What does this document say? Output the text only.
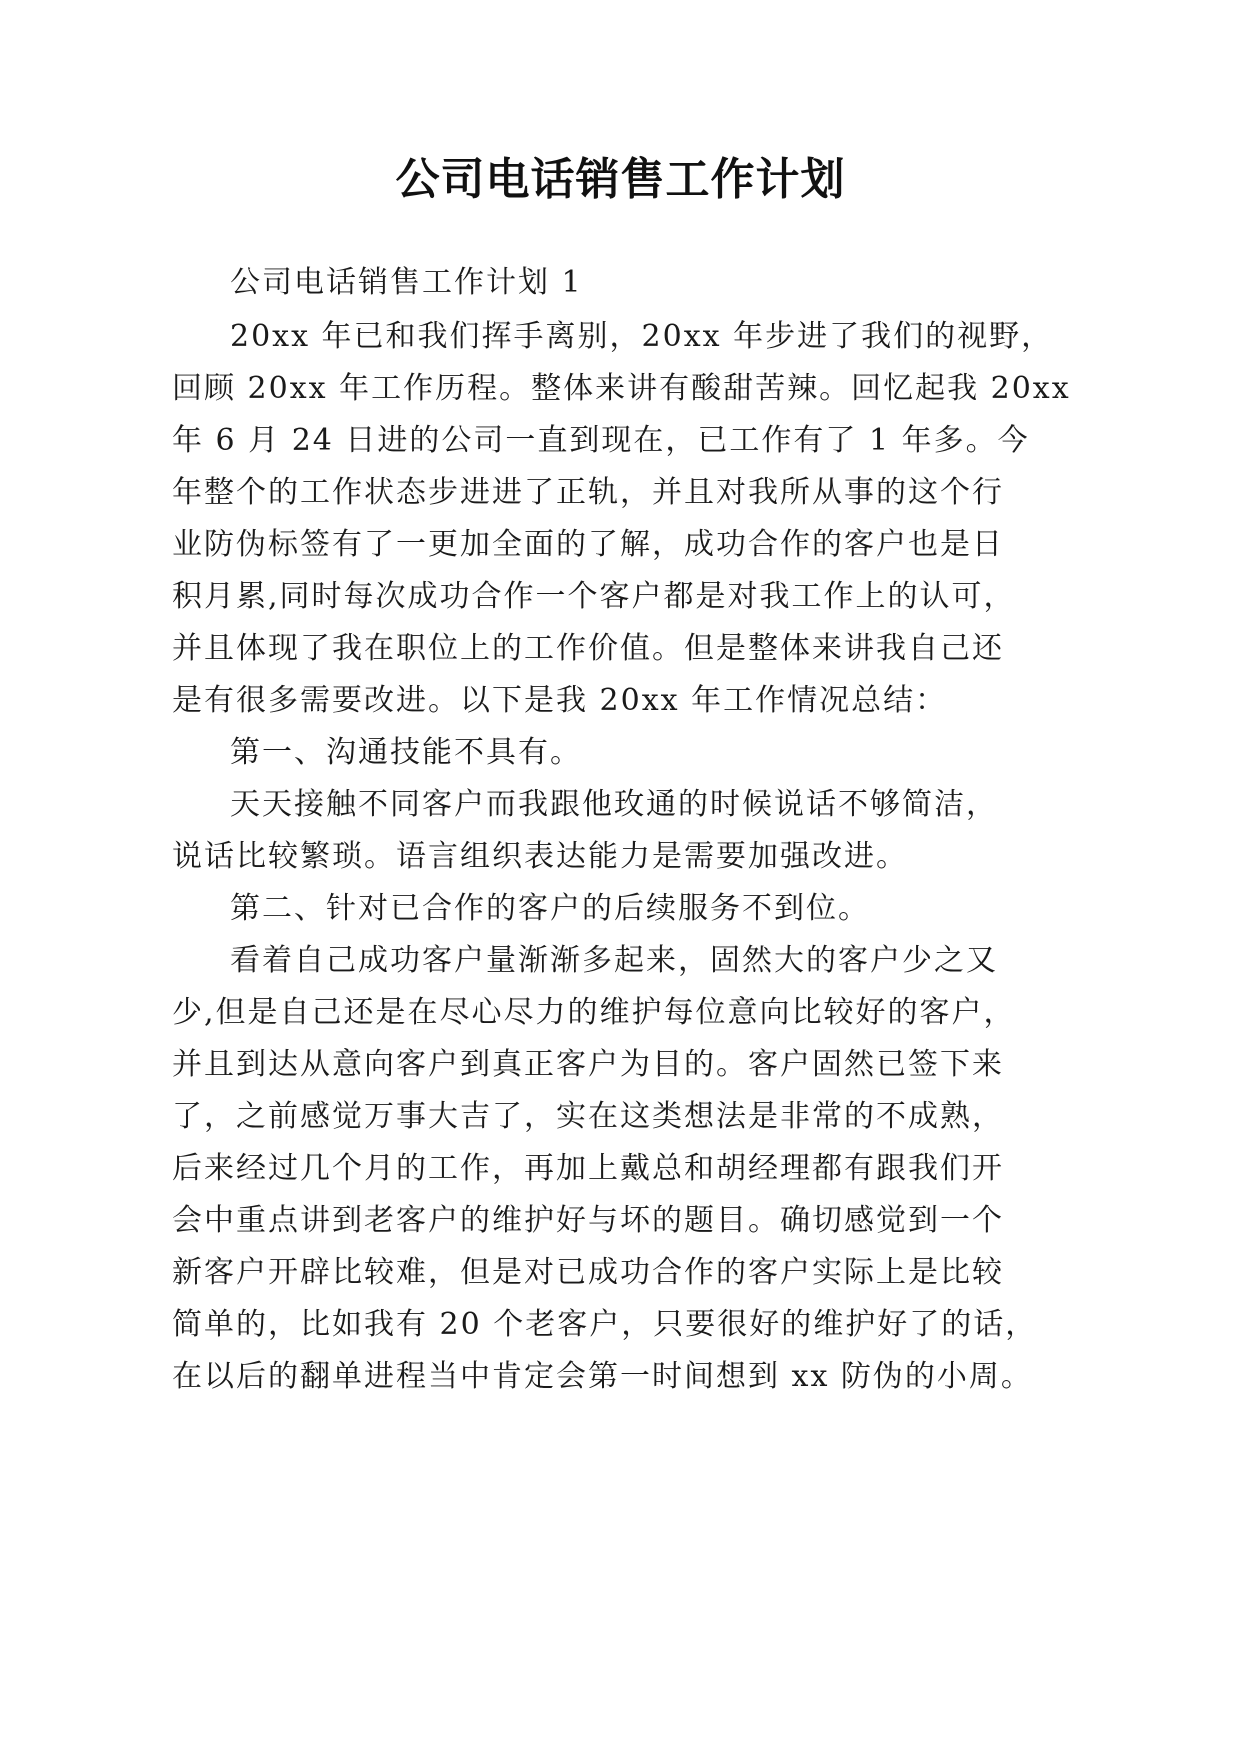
公司电话销售工作计划
公司电话销售工作计划 1
20xx 年已和我们挥手离别，20xx 年步进了我们的视野，
回顾 20xx 年工作历程。整体来讲有酸甜苦辣。回忆起我 20xx
年 6 月 24 日进的公司一直到现在，已工作有了 1 年多。今
年整个的工作状态步进进了正轨，并且对我所从事的这个行
业防伪标签有了一更加全面的了解，成功合作的客户也是日
积月累,同时每次成功合作一个客户都是对我工作上的认可，
并且体现了我在职位上的工作价值。但是整体来讲我自己还
是有很多需要改进。以下是我 20xx 年工作情况总结：
第一、沟通技能不具有。
天天接触不同客户而我跟他玫通的时候说话不够简洁，
说话比较繁琐。语言组织表达能力是需要加强改进。
第二、针对已合作的客户的后续服务不到位。
看着自己成功客户量渐渐多起来，固然大的客户少之又
少,但是自己还是在尽心尽力的维护每位意向比较好的客户，
并且到达从意向客户到真正客户为目的。客户固然已签下来
了，之前感觉万事大吉了，实在这类想法是非常的不成熟，
后来经过几个月的工作，再加上戴总和胡经理都有跟我们开
会中重点讲到老客户的维护好与坏的题目。确切感觉到一个
新客户开辟比较难，但是对已成功合作的客户实际上是比较
简单的，比如我有 20 个老客户，只要很好的维护好了的话，
在以后的翻单进程当中肯定会第一时间想到 xx 防伪的小周。
